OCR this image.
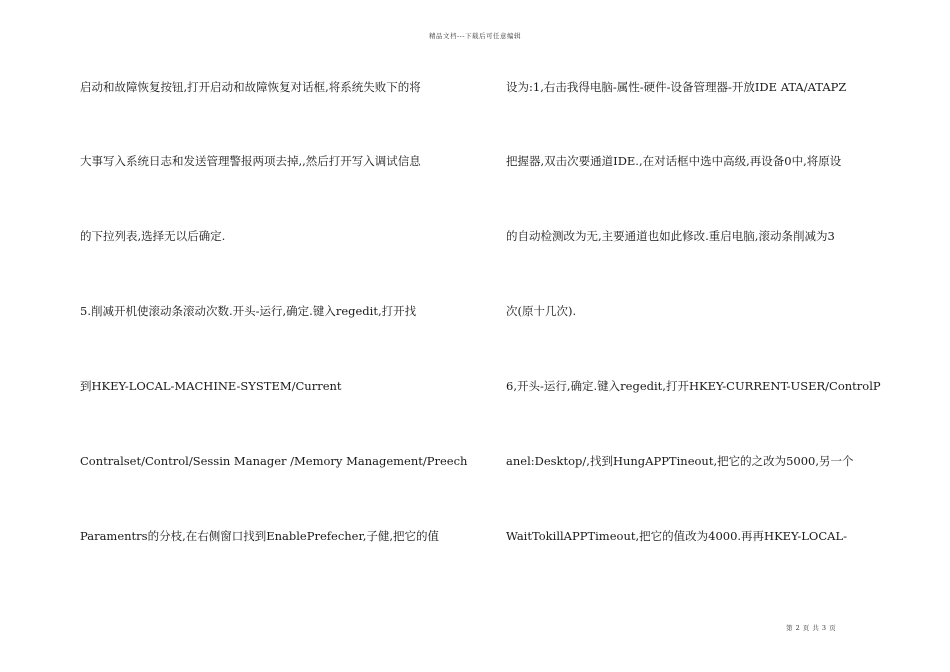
精品文档---下载后可任意编辑

启动和故障恢复按钮,打开启动和故障恢复对话框,将系统失败下的将

大事写入系统日志和发送管理警报两项去掉,,然后打开写入调试信息

的下拉列表,选择无以后确定.

5.削减开机使滚动条滚动次数.开头-运行,确定.键入regedit,打开找

到HKEY-LOCAL-MACHINE-SYSTEM/Current

Contralset/Control/Sessin Manager /Memory Management/Preech

Paramentrs的分枝,在右侧窗口找到EnablePrefecher,子健,把它的值

设为:1,右击我得电脑-属性-硬件-设备管理器-开放IDE ATA/ATAPZ

把握器,双击次要通道IDE.,在对话框中选中高级,再设备0中,将原设

的自动检测改为无,主要通道也如此修改.重启电脑,滚动条削减为3

次(原十几次).

6,开头-运行,确定.键入regedit,打开HKEY-CURRENT-USER/ControlP

anel:Desktop/,找到HungAPPTineout,把它的之改为5000,另一个

WaitTokillAPPTimeout,把它的值改为4000.再再HKEY-LOCAL-

第 2 页 共 3 页
